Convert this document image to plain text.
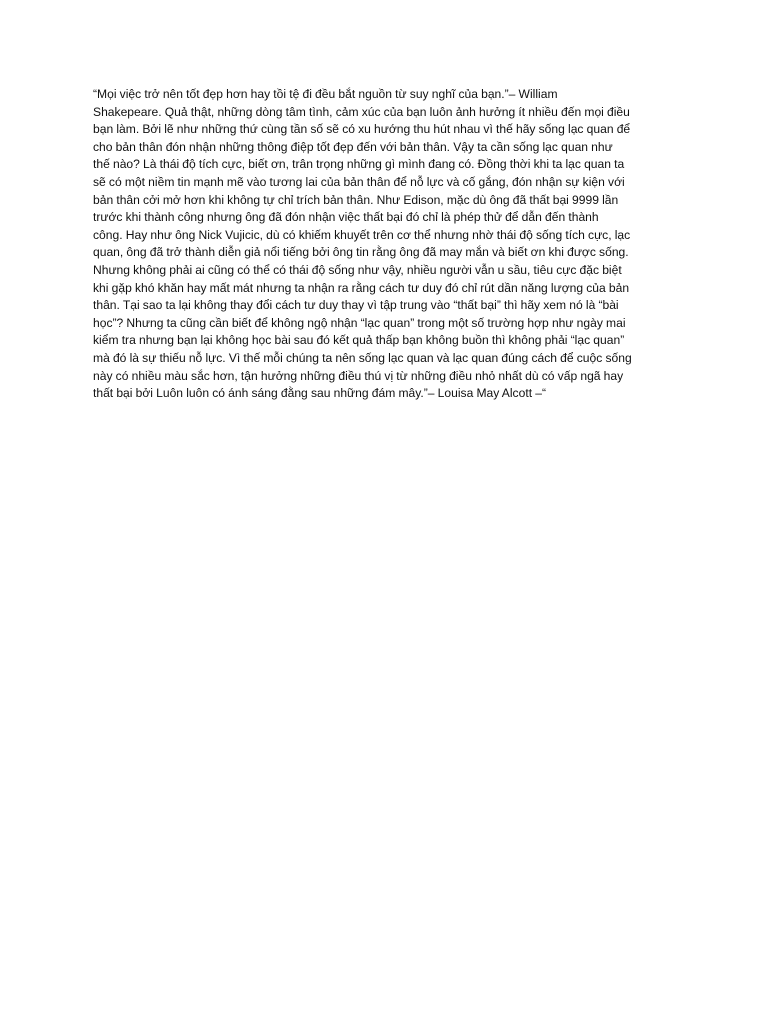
“Mọi việc trở nên tốt đẹp hơn hay tồi tệ đi đều bắt nguồn từ suy nghĩ của bạn.”– William
Shakepeare. Quả thật, những dòng tâm tình, cảm xúc của bạn luôn ảnh hưởng ít nhiều đến mọi điều
bạn làm. Bởi lẽ như những thứ cùng tần số sẽ có xu hướng thu hút nhau vì thế hãy sống lạc quan để
cho bản thân đón nhận những thông điệp tốt đẹp đến với bản thân. Vậy ta cần sống lạc quan như
thế nào? Là thái độ tích cực, biết ơn, trân trọng những gì mình đang có. Đồng thời khi ta lạc quan ta
sẽ có một niềm tin mạnh mẽ vào tương lai của bản thân để nỗ lực và cố gắng, đón nhận sự kiện với
bản thân cởi mở hơn khi không tự chỉ trích bản thân. Như Edison, mặc dù ông đã thất bại 9999 lần
trước khi thành công nhưng ông đã đón nhận việc thất bại đó chỉ là phép thử để dẫn đến thành
công. Hay như ông Nick Vujicic, dù có khiếm khuyết trên cơ thể nhưng nhờ thái độ sống tích cực, lạc
quan, ông đã trở thành diễn giả nổi tiếng bởi ông tin rằng ông đã may mắn và biết ơn khi được sống.
Nhưng không phải ai cũng có thể có thái độ sống như vậy, nhiều người vẫn u sầu, tiêu cực đặc biệt
khi gặp khó khăn hay mất mát nhưng ta nhận ra rằng cách tư duy đó chỉ rút dần năng lượng của bản
thân. Tại sao ta lại không thay đổi cách tư duy thay vì tập trung vào “thất bại” thì hãy xem nó là “bài
học”? Nhưng ta cũng cần biết để không ngộ nhận “lạc quan” trong một số trường hợp như ngày mai
kiểm tra nhưng bạn lại không học bài sau đó kết quả thấp bạn không buồn thì không phải “lạc quan”
mà đó là sự thiếu nỗ lực. Vì thế mỗi chúng ta nên sống lạc quan và lạc quan đúng cách để cuộc sống
này có nhiều màu sắc hơn, tận hưởng những điều thú vị từ những điều nhỏ nhất dù có vấp ngã hay
thất bại bởi Luôn luôn có ánh sáng đằng sau những đám mây.”– Louisa May Alcott –“
